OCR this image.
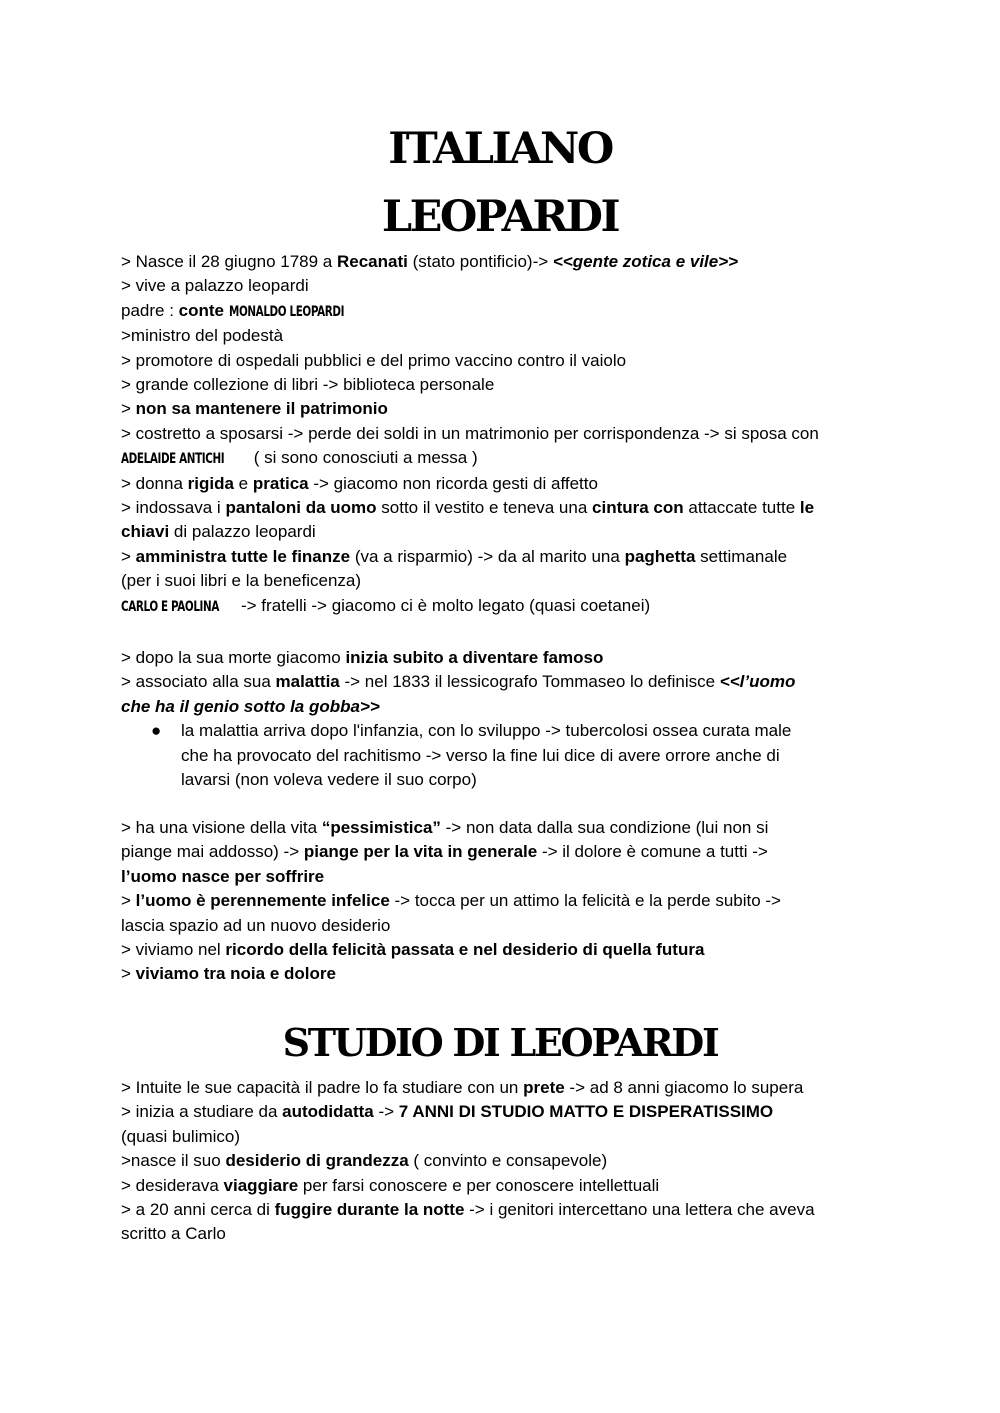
ITALIANO
LEOPARDI
> Nasce il 28 giugno 1789 a Recanati (stato pontificio)-> <<gente zotica e vile>>
> vive a palazzo leopardi
padre : conte MONALDO LEOPARDI
>ministro del podestà
> promotore di ospedali pubblici e del primo vaccino contro il vaiolo
> grande collezione di libri -> biblioteca personale
> non sa mantenere il patrimonio
> costretto a sposarsi -> perde dei soldi in un matrimonio per corrispondenza -> si sposa con
ADELAIDE ANTICHI ( si sono conosciuti a messa )
> donna rigida e pratica -> giacomo non ricorda gesti di affetto
> indossava i pantaloni da uomo sotto il vestito e teneva una cintura con attaccate tutte le
chiavi di palazzo leopardi
> amministra tutte le finanze (va a risparmio) -> da al marito una paghetta settimanale
(per i suoi libri e la beneficenza)
CARLO E PAOLINA -> fratelli -> giacomo ci è molto legato (quasi coetanei)
> dopo la sua morte giacomo inizia subito a diventare famoso
> associato alla sua malattia -> nel 1833 il lessicografo Tommaseo lo definisce <<l’uomo
che ha il genio sotto la gobba>>
● la malattia arriva dopo l'infanzia, con lo sviluppo -> tubercolosi ossea curata male
che ha provocato del rachitismo -> verso la fine lui dice di avere orrore anche di
lavarsi (non voleva vedere il suo corpo)
> ha una visione della vita “pessimistica” -> non data dalla sua condizione (lui non si
piange mai addosso) -> piange per la vita in generale -> il dolore è comune a tutti ->
l’uomo nasce per soffrire
> l’uomo è perennemente infelice -> tocca per un attimo la felicità e la perde subito ->
lascia spazio ad un nuovo desiderio
> viviamo nel ricordo della felicità passata e nel desiderio di quella futura
> viviamo tra noia e dolore
STUDIO DI LEOPARDI
> Intuite le sue capacità il padre lo fa studiare con un prete -> ad 8 anni giacomo lo supera
> inizia a studiare da autodidatta -> 7 ANNI DI STUDIO MATTO E DISPERATISSIMO
(quasi bulimico)
>nasce il suo desiderio di grandezza ( convinto e consapevole)
> desiderava viaggiare per farsi conoscere e per conoscere intellettuali
> a 20 anni cerca di fuggire durante la notte -> i genitori intercettano una lettera che aveva
scritto a Carlo
